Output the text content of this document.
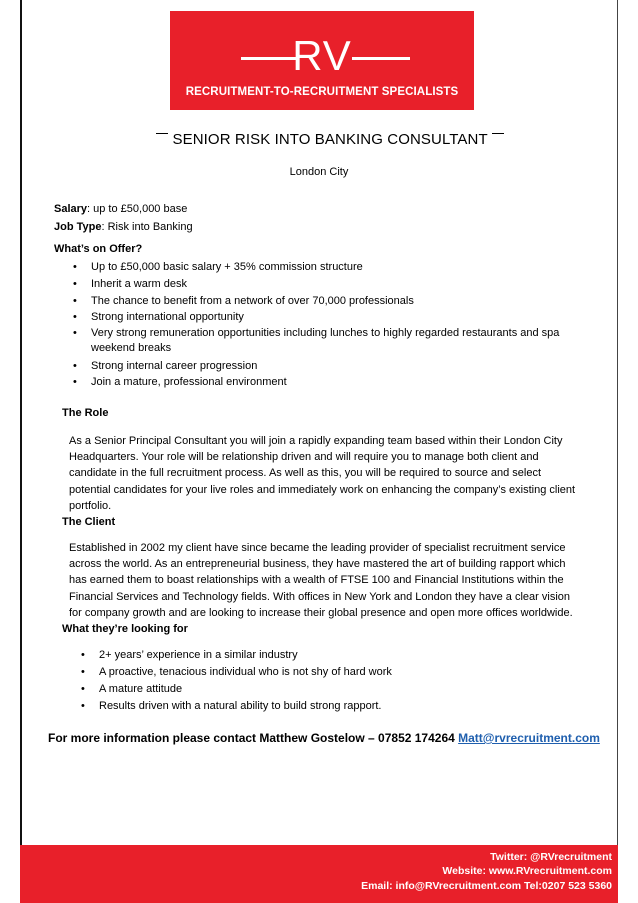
RV
RECRUITMENT-TO-RECRUITMENT SPECIALISTS
SENIOR RISK INTO BANKING CONSULTANT
London City
Salary: up to £50,000 base
Job Type: Risk into Banking
What’s on Offer?
• Up to £50,000 basic salary + 35% commission structure
• Inherit a warm desk
• The chance to benefit from a network of over 70,000 professionals
• Strong international opportunity
• Very strong remuneration opportunities including lunches to highly regarded restaurants and spa
weekend breaks
• Strong internal career progression
• Join a mature, professional environment
The Role
As a Senior Principal Consultant you will join a rapidly expanding team based within their London City
Headquarters. Your role will be relationship driven and will require you to manage both client and
candidate in the full recruitment process. As well as this, you will be required to source and select
potential candidates for your live roles and immediately work on enhancing the company’s existing client
portfolio.
The Client
Established in 2002 my client have since became the leading provider of specialist recruitment service
across the world. As an entrepreneurial business, they have mastered the art of building rapport which
has earned them to boast relationships with a wealth of FTSE 100 and Financial Institutions within the
Financial Services and Technology fields. With offices in New York and London they have a clear vision
for company growth and are looking to increase their global presence and open more offices worldwide.
What they’re looking for
• 2+ years’ experience in a similar industry
• A proactive, tenacious individual who is not shy of hard work
• A mature attitude
• Results driven with a natural ability to build strong rapport.
For more information please contact Matthew Gostelow – 07852 174264 Matt@rvrecruitment.com
Twitter: @RVrecruitment
Website: www.RVrecruitment.com
Email: info@RVrecruitment.com Tel:0207 523 5360
